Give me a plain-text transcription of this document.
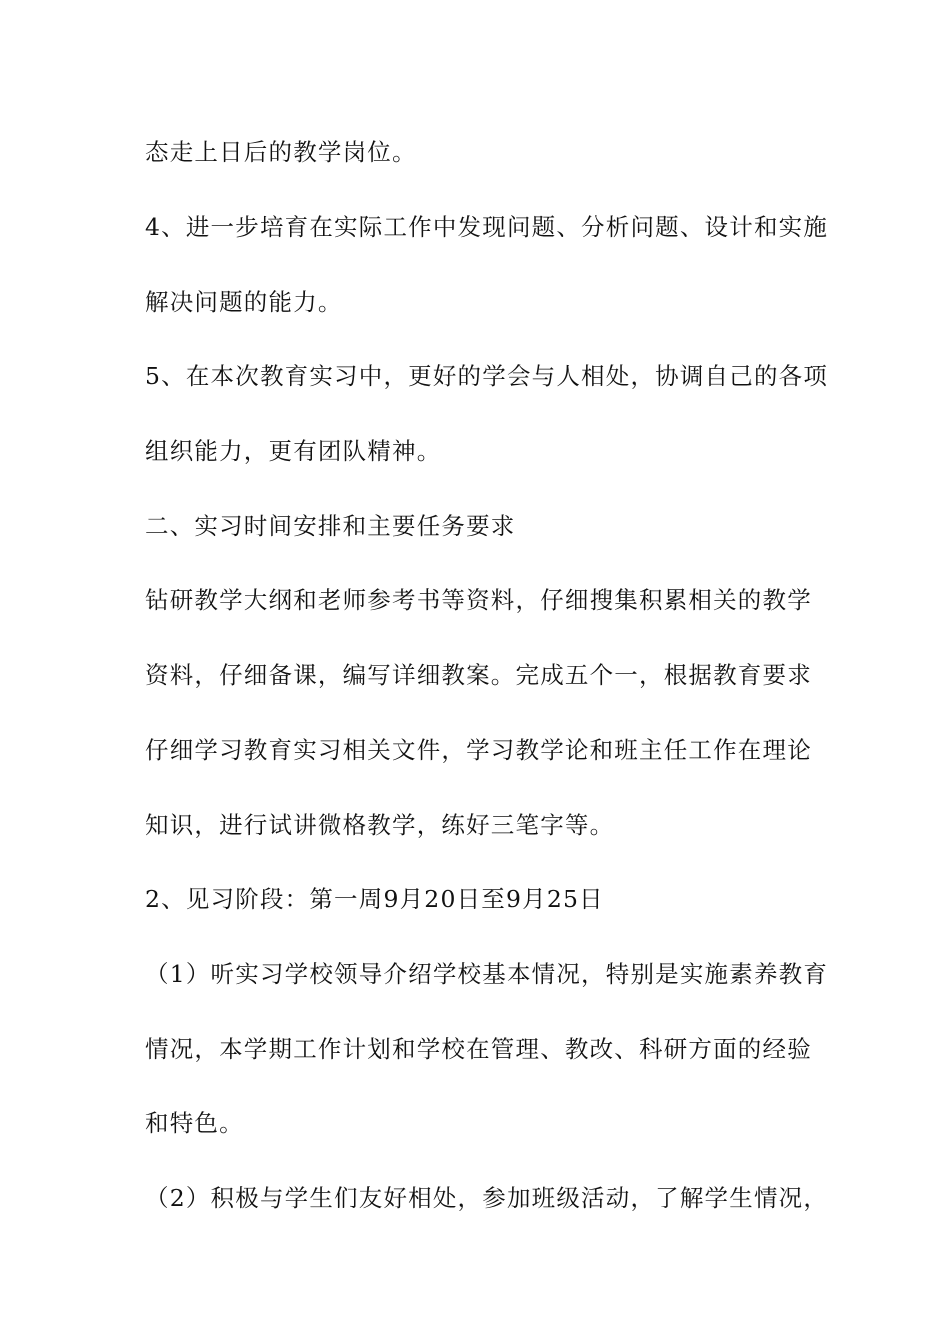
态走上日后的教学岗位。
4、进一步培育在实际工作中发现问题、分析问题、设计和实施
解决问题的能力。
5、在本次教育实习中，更好的学会与人相处，协调自己的各项
组织能力，更有团队精神。
二、实习时间安排和主要任务要求
钻研教学大纲和老师参考书等资料，仔细搜集积累相关的教学
资料，仔细备课，编写详细教案。完成五个一，根据教育要求
仔细学习教育实习相关文件，学习教学论和班主任工作在理论
知识，进行试讲微格教学，练好三笔字等。
2、见习阶段：第一周9月20日至9月25日
（1）听实习学校领导介绍学校基本情况，特别是实施素养教育
情况，本学期工作计划和学校在管理、教改、科研方面的经验
和特色。
（2）积极与学生们友好相处，参加班级活动，了解学生情况，
